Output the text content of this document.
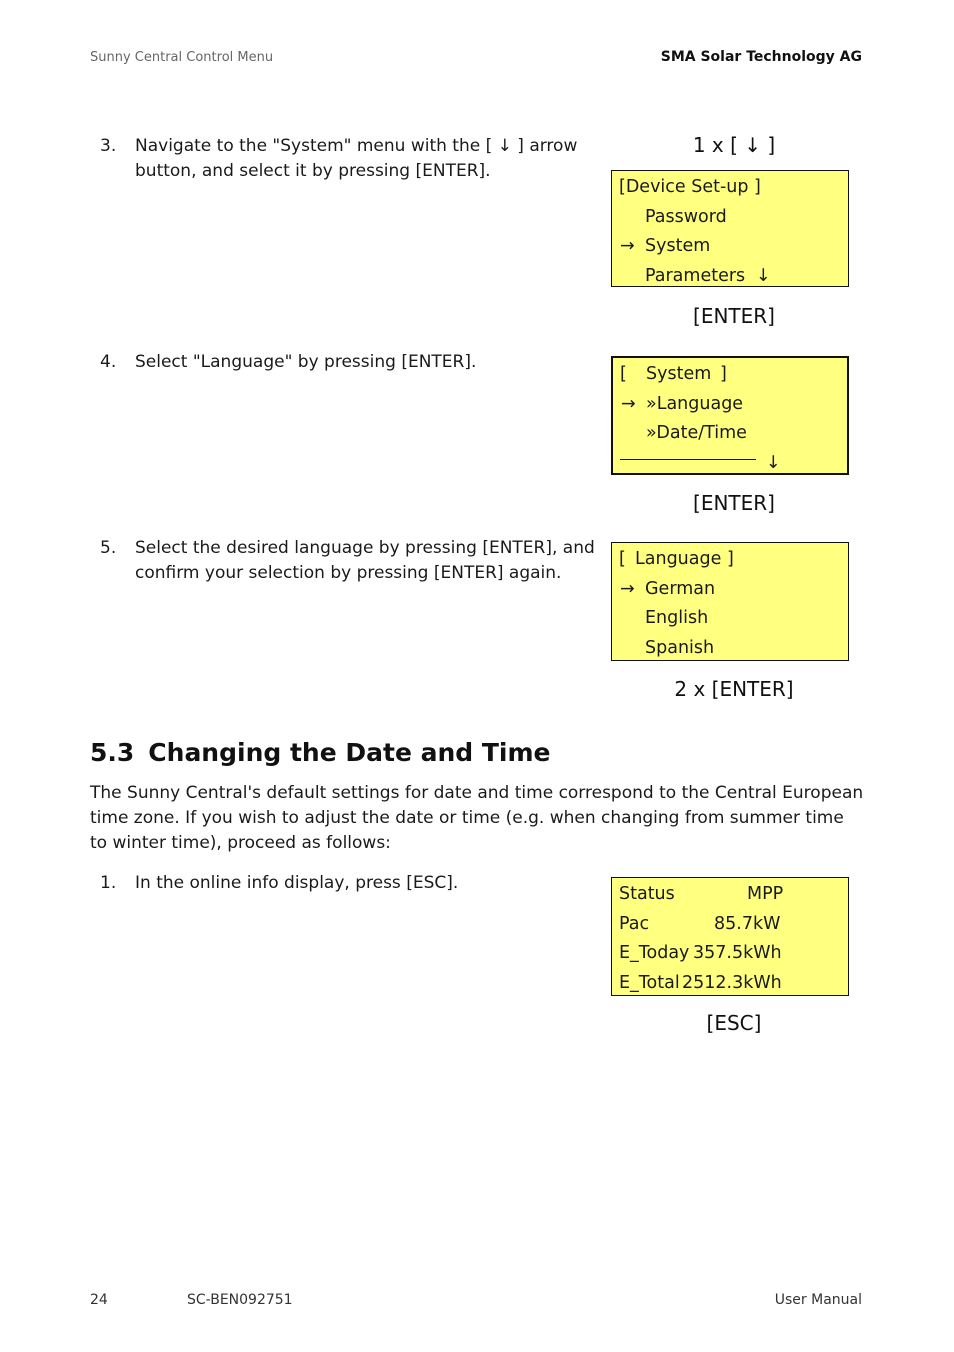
Sunny Central Control Menu	SMA Solar Technology AG
3. Navigate to the "System" menu with the [ ↓ ] arrow button, and select it by pressing [ENTER].
1 x [ ↓ ]
[Device Set-up ]
Password
→ System
Parameters ↓
[ENTER]
4. Select "Language" by pressing [ENTER].
[ System ]
→ »Language
»Date/Time
↓
[ENTER]
5. Select the desired language by pressing [ENTER], and confirm your selection by pressing [ENTER] again.
[ Language ]
→ German
English
Spanish
2 x [ENTER]
5.3 Changing the Date and Time
The Sunny Central's default settings for date and time correspond to the Central European time zone. If you wish to adjust the date or time (e.g. when changing from summer time to winter time), proceed as follows:
1. In the online info display, press [ESC].
Status	MPP
Pac	85.7kW
E_Today 357.5kWh
E_Total 2512.3kWh
[ESC]
24	SC-BEN092751	User Manual
